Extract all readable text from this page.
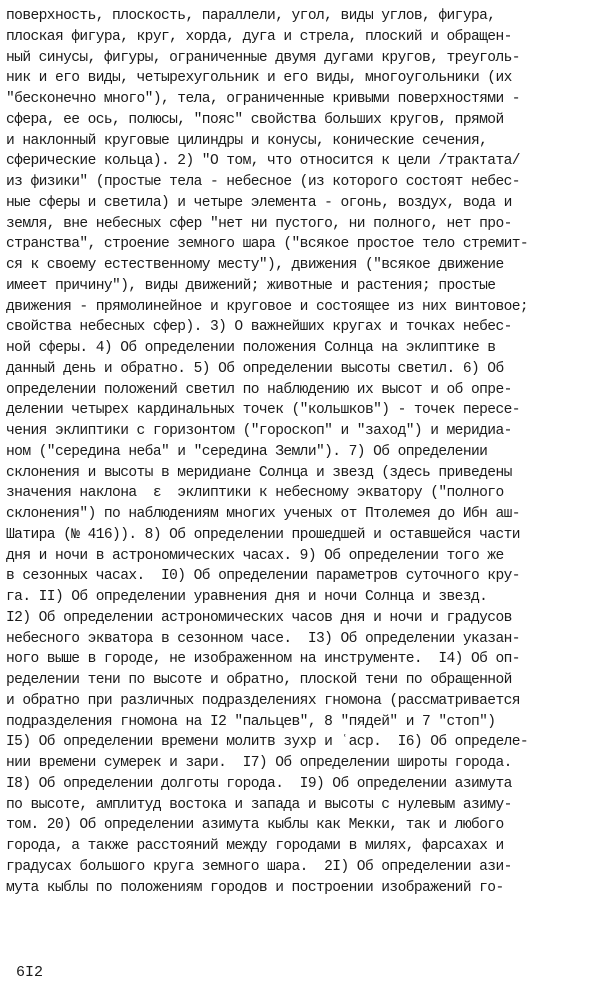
поверхность, плоскость, параллели, угол, виды углов, фигура,
плоская фигура, круг, хорда, дуга и стрела, плоский и обращен-
ный синусы, фигуры, ограниченные двумя дугами кругов, треуголь-
ник и его виды, четырехугольник и его виды, многоугольники (их
"бесконечно много"), тела, ограниченные кривыми поверхностями -
сфера, ее ось, полюсы, "пояс" свойства больших кругов, прямой
и наклонный круговые цилиндры и конусы, конические сечения,
сферические кольца). 2) "О том, что относится к цели /трактата/
из физики" (простые тела - небесное (из которого состоят небес-
ные сферы и светила) и четыре элемента - огонь, воздух, вода и
земля, вне небесных сфер "нет ни пустого, ни полного, нет про-
странства", строение земного шара ("всякое простое тело стремит-
ся к своему естественному месту"), движения ("всякое движение
имеет причину"), виды движений; животные и растения; простые
движения - прямолинейное и круговое и состоящее из них винтовое;
свойства небесных сфер). 3) О важнейших кругах и точках небес-
ной сферы. 4) Об определении положения Солнца на эклиптике в
данный день и обратно. 5) Об определении высоты светил. 6) Об
определении положений светил по наблюдению их высот и об опре-
делении четырех кардинальных точек ("кольшков") - точек пересе-
чения эклиптики с горизонтом ("гороскоп" и "заход") и меридиа-
ном ("середина неба" и "середина Земли"). 7) Об определении
склонения и высоты в меридиане Солнца и звезд (здесь приведены
значения наклона  ε  эклиптики к небесному экватору ("полного
склонения") по наблюдениям многих ученых от Птолемея до Ибн аш-
Шатира (№ 416)). 8) Об определении прошедшей и оставшейся части
дня и ночи в астрономических часах. 9) Об определении того же
в сезонных часах.  I0) Об определении параметров суточного кру-
га. II) Об определении уравнения дня и ночи Солнца и звезд.
I2) Об определении астрономических часов дня и ночи и градусов
небесного экватора в сезонном часе.  I3) Об определении указан-
ного выше в городе, не изображенном на инструменте.  I4) Об оп-
ределении тени по высоте и обратно, плоской тени по обращенной
и обратно при различных подразделениях гномона (рассматривается
подразделения гномона на I2 "пальцев", 8 "пядей" и 7 "стоп")
I5) Об определении времени молитв зухр и ʿаср.  I6) Об определе-
нии времени сумерек и зари.  I7) Об определении широты города.
I8) Об определении долготы города.  I9) Об определении азимута
по высоте, амплитуд востока и запада и высоты с нулевым азиму-
том. 20) Об определении азимута кыблы как Мекки, так и любого
города, а также расстояний между городами в милях, фарсахах и
градусах большого круга земного шара.  2I) Об определении ази-
мута кыблы по положениям городов и построении изображений го-
6I2
